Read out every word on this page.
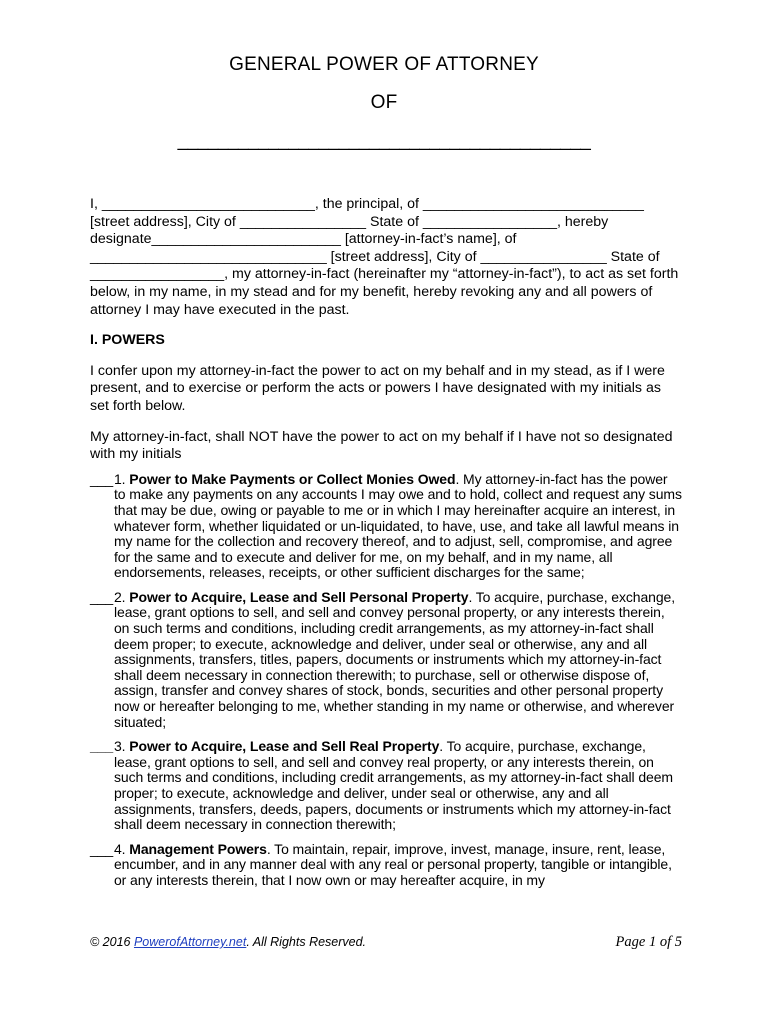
GENERAL POWER OF ATTORNEY
OF
_________________________________________

I, ___________________________, the principal, of ____________________________ [street address], City of ________________ State of _________________, hereby designate________________________ [attorney-in-fact’s name], of ______________________________ [street address], City of ________________ State of _________________, my attorney-in-fact (hereinafter my “attorney-in-fact”), to act as set forth below, in my name, in my stead and for my benefit, hereby revoking any and all powers of attorney I may have executed in the past.

I. POWERS

I confer upon my attorney-in-fact the power to act on my behalf and in my stead, as if I were present, and to exercise or perform the acts or powers I have designated with my initials as set forth below.

My attorney-in-fact, shall NOT have the power to act on my behalf if I have not so designated with my initials

___ 1. Power to Make Payments or Collect Monies Owed. My attorney-in-fact has the power to make any payments on any accounts I may owe and to hold, collect and request any sums that may be due, owing or payable to me or in which I may hereinafter acquire an interest, in whatever form, whether liquidated or un-liquidated, to have, use, and take all lawful means in my name for the collection and recovery thereof, and to adjust, sell, compromise, and agree for the same and to execute and deliver for me, on my behalf, and in my name, all endorsements, releases, receipts, or other sufficient discharges for the same;
___ 2. Power to Acquire, Lease and Sell Personal Property. To acquire, purchase, exchange, lease, grant options to sell, and sell and convey personal property, or any interests therein, on such terms and conditions, including credit arrangements, as my attorney-in-fact shall deem proper; to execute, acknowledge and deliver, under seal or otherwise, any and all assignments, transfers, titles, papers, documents or instruments which my attorney-in-fact shall deem necessary in connection therewith; to purchase, sell or otherwise dispose of, assign, transfer and convey shares of stock, bonds, securities and other personal property now or hereafter belonging to me, whether standing in my name or otherwise, and wherever situated;
___ 3. Power to Acquire, Lease and Sell Real Property. To acquire, purchase, exchange, lease, grant options to sell, and sell and convey real property, or any interests therein, on such terms and conditions, including credit arrangements, as my attorney-in-fact shall deem proper; to execute, acknowledge and deliver, under seal or otherwise, any and all assignments, transfers, deeds, papers, documents or instruments which my attorney-in-fact shall deem necessary in connection therewith;
___ 4. Management Powers. To maintain, repair, improve, invest, manage, insure, rent, lease, encumber, and in any manner deal with any real or personal property, tangible or intangible, or any interests therein, that I now own or may hereafter acquire, in my
© 2016 PowerofAttorney.net. All Rights Reserved.	Page 1 of 5
